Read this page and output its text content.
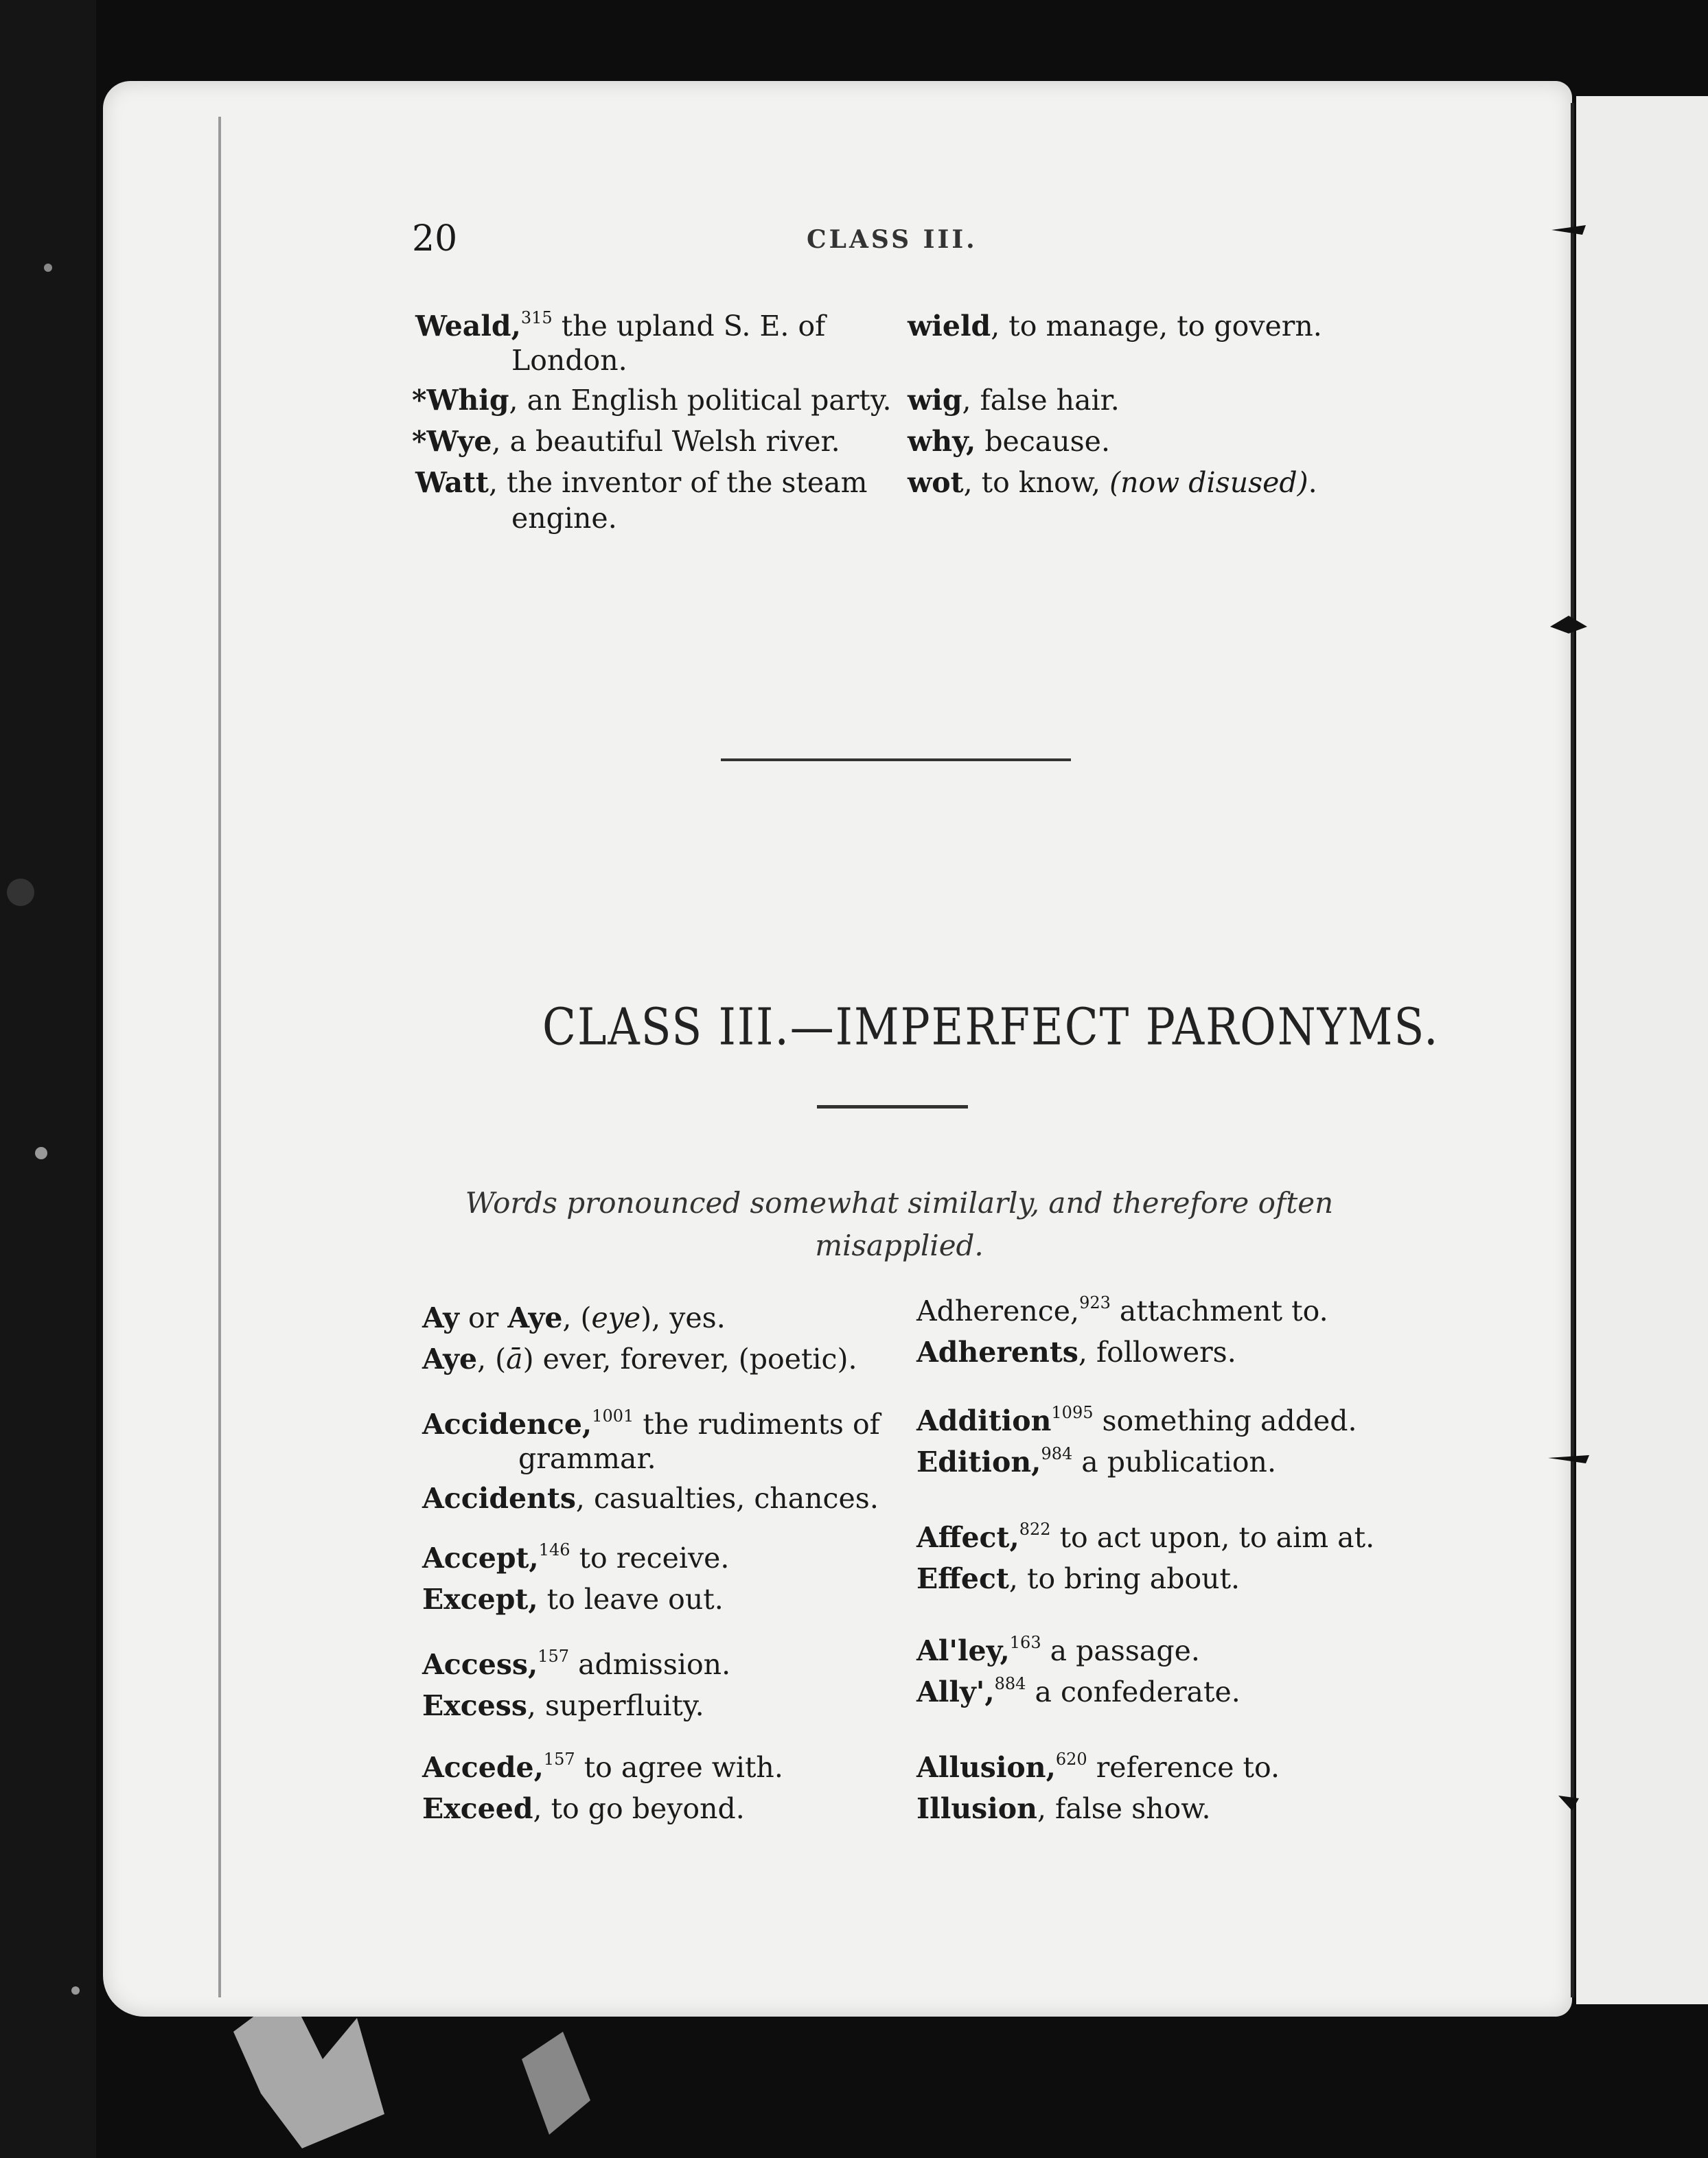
20	CLASS III.
Weald,$^{315}$ the upland S. E. of
London.
*Whig, an English political party.
*Wye, a beautiful Welsh river.
Watt, the inventor of the steam
engine.
wield, to manage, to govern.
wig, false hair.
why, because.
wot, to know, (now disused).
CLASS III.—IMPERFECT PARONYMS.
Words pronounced somewhat similarly, and therefore often misapplied.
Ay or Aye, (eye), yes.
Aye, (ā) ever, forever, (poetic).
Accidence,$^{1001}$ the rudiments of
grammar.
Accidents, casualties, chances.
Accept,$^{146}$ to receive.
Except, to leave out.
Access,$^{157}$ admission.
Excess, superfluity.
Accede,$^{157}$ to agree with.
Exceed, to go beyond.
Adherence,$^{923}$ attachment to.
Adherents, followers.
Addition$^{1095}$ something added.
Edition,$^{984}$ a publication.
Affect,$^{822}$ to act upon, to aim at.
Effect, to bring about.
Al'ley,$^{163}$ a passage.
Ally',$^{884}$ a confederate.
Allusion,$^{620}$ reference to.
Illusion, false show.
